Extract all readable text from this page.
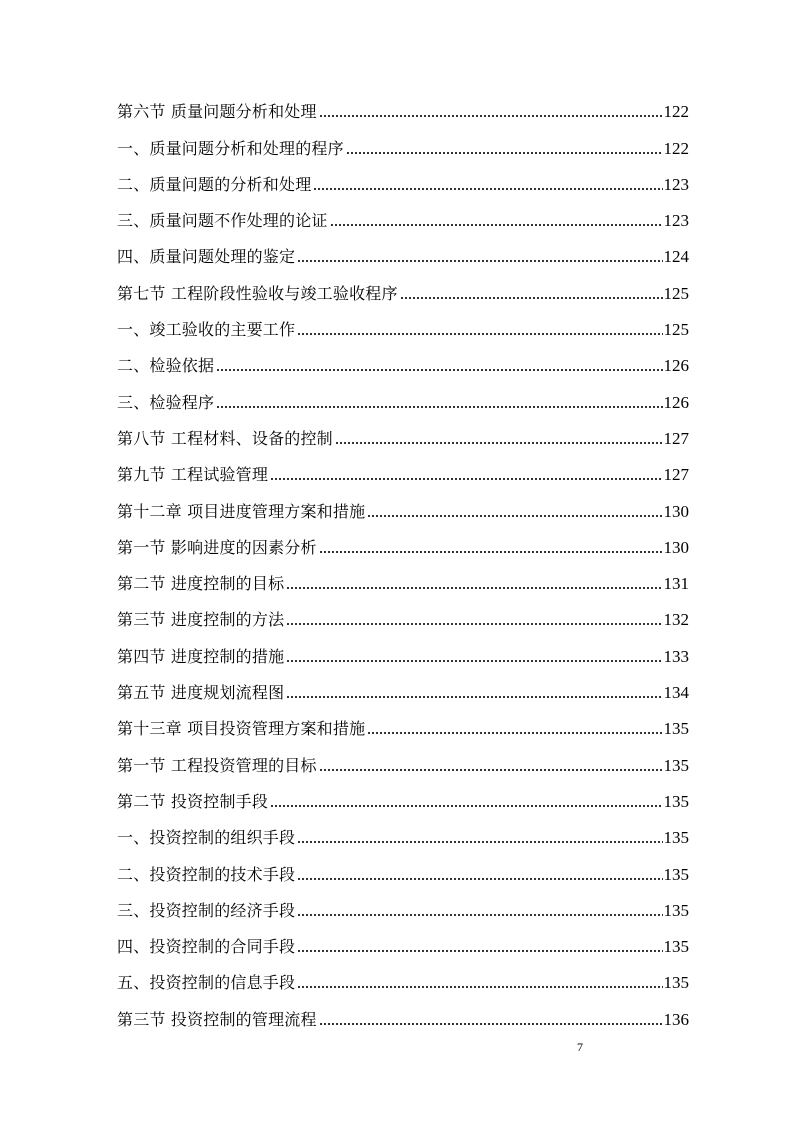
第六节 质量问题分析和处理	122
一、质量问题分析和处理的程序	122
二、质量问题的分析和处理	123
三、质量问题不作处理的论证	123
四、质量问题处理的鉴定	124
第七节 工程阶段性验收与竣工验收程序	125
一、竣工验收的主要工作	125
二、检验依据	126
三、检验程序	126
第八节 工程材料、设备的控制	127
第九节 工程试验管理	127
第十二章 项目进度管理方案和措施	130
第一节 影响进度的因素分析	130
第二节 进度控制的目标	131
第三节 进度控制的方法	132
第四节 进度控制的措施	133
第五节 进度规划流程图	134
第十三章 项目投资管理方案和措施	135
第一节 工程投资管理的目标	135
第二节 投资控制手段	135
一、投资控制的组织手段	135
二、投资控制的技术手段	135
三、投资控制的经济手段	135
四、投资控制的合同手段	135
五、投资控制的信息手段	135
第三节 投资控制的管理流程	136
7
